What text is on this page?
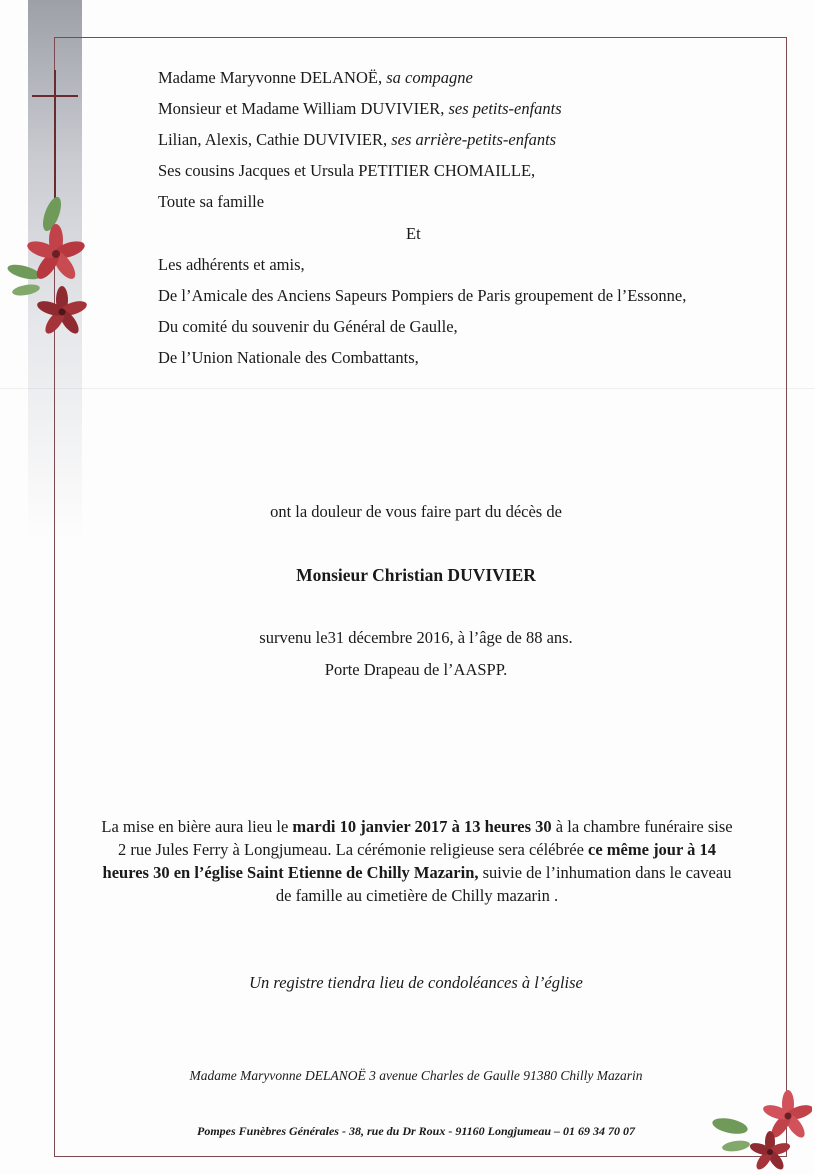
Madame Maryvonne DELANOË, sa compagne
Monsieur et Madame William DUVIVIER, ses petits-enfants
Lilian, Alexis, Cathie DUVIVIER, ses arrière-petits-enfants
Ses cousins Jacques et Ursula PETITIER CHOMAILLE,
Toute sa famille
Et
Les adhérents et amis,
De l’Amicale des Anciens Sapeurs Pompiers de Paris groupement de l’Essonne,
Du comité du souvenir du Général de Gaulle,
De l’Union Nationale des Combattants,
ont la douleur de vous faire part du décès de
Monsieur Christian DUVIVIER
survenu le31 décembre 2016, à l’âge de 88 ans.
Porte Drapeau de l’AASPP.
La mise en bière aura lieu le mardi 10 janvier 2017 à 13 heures 30 à la chambre funéraire sise 2 rue Jules Ferry à Longjumeau. La cérémonie religieuse sera célébrée ce même jour à 14 heures 30 en l’église Saint Etienne de Chilly Mazarin, suivie de l’inhumation dans le caveau de famille au cimetière de Chilly mazarin .
Un registre tiendra lieu de condoléances à l’église
Madame Maryvonne DELANOË 3 avenue Charles de Gaulle 91380 Chilly Mazarin
Pompes Funèbres Générales - 38, rue du Dr Roux - 91160 Longjumeau – 01 69 34 70 07
